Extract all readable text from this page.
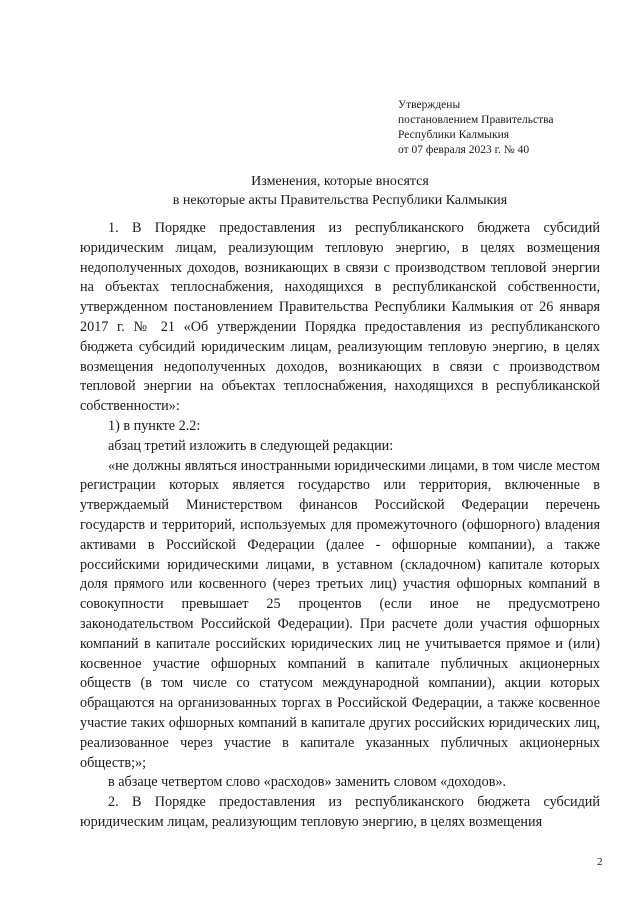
Утверждены
постановлением Правительства
Республики Калмыкия
от 07 февраля 2023 г. № 40
Изменения, которые вносятся
в некоторые акты Правительства Республики Калмыкия

1. В Порядке предоставления из республиканского бюджета субсидий юридическим лицам, реализующим тепловую энергию, в целях возмещения недополученных доходов, возникающих в связи с производством тепловой энергии на объектах теплоснабжения, находящихся в республиканской собственности, утвержденном постановлением Правительства Республики Калмыкия от 26 января 2017 г. № 21 «Об утверждении Порядка предоставления из республиканского бюджета субсидий юридическим лицам, реализующим тепловую энергию, в целях возмещения недополученных доходов, возникающих в связи с производством тепловой энергии на объектах теплоснабжения, находящихся в республиканской собственности»:

1) в пункте 2.2:

абзац третий изложить в следующей редакции:

«не должны являться иностранными юридическими лицами, в том числе местом регистрации которых является государство или территория, включенные в утверждаемый Министерством финансов Российской Федерации перечень государств и территорий, используемых для промежуточного (офшорного) владения активами в Российской Федерации (далее - офшорные компании), а также российскими юридическими лицами, в уставном (складочном) капитале которых доля прямого или косвенного (через третьих лиц) участия офшорных компаний в совокупности превышает 25 процентов (если иное не предусмотрено законодательством Российской Федерации). При расчете доли участия офшорных компаний в капитале российских юридических лиц не учитывается прямое и (или) косвенное участие офшорных компаний в капитале публичных акционерных обществ (в том числе со статусом международной компании), акции которых обращаются на организованных торгах в Российской Федерации, а также косвенное участие таких офшорных компаний в капитале других российских юридических лиц, реализованное через участие в капитале указанных публичных акционерных обществ;»;

в абзаце четвертом слово «расходов» заменить словом «доходов».

2. В Порядке предоставления из республиканского бюджета субсидий юридическим лицам, реализующим тепловую энергию, в целях возмещения

2
